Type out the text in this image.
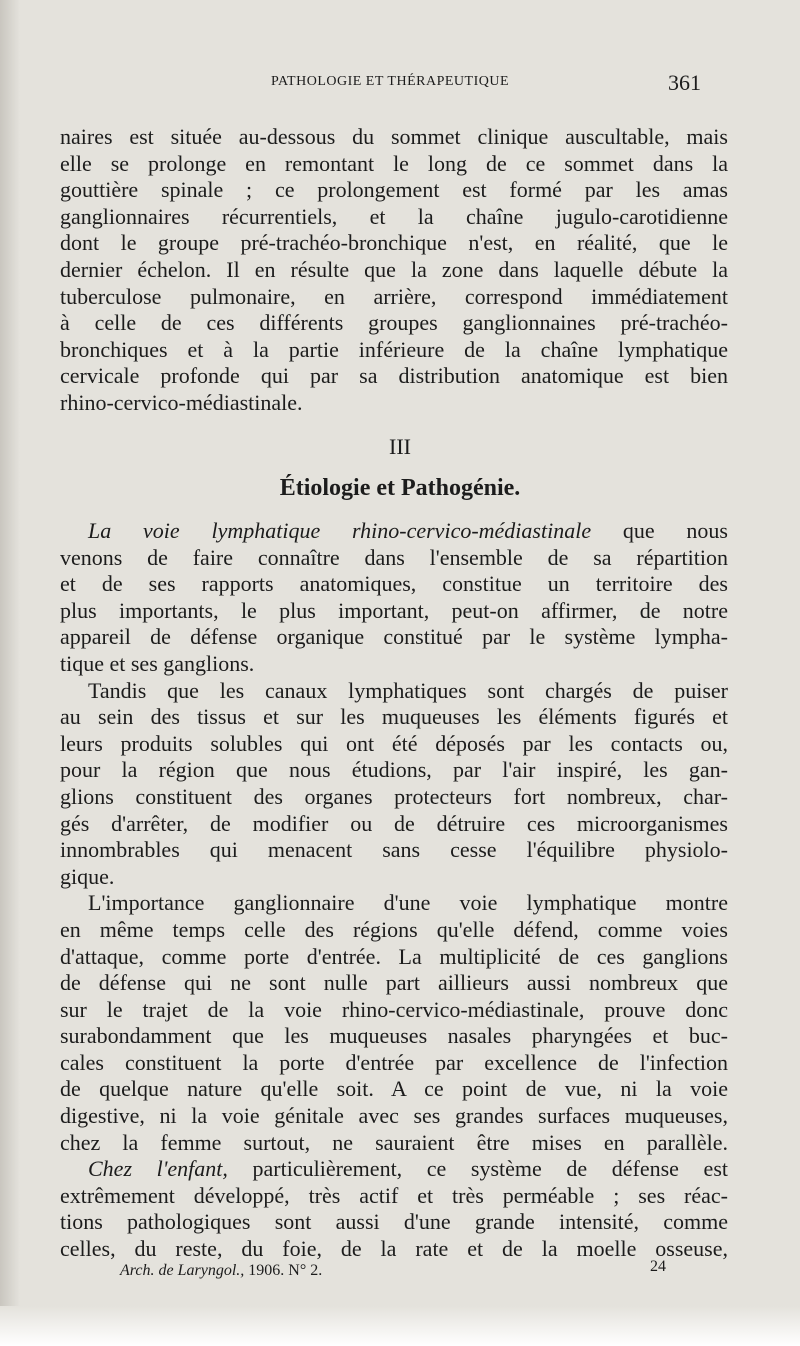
PATHOLOGIE ET THÉRAPEUTIQUE	361
naires est située au-dessous du sommet clinique auscultable, mais
elle se prolonge en remontant le long de ce sommet dans la
gouttière spinale ; ce prolongement est formé par les amas
ganglionnaires récurrentiels, et la chaîne jugulo-carotidienne
dont le groupe pré-trachéo-bronchique n'est, en réalité, que le
dernier échelon. Il en résulte que la zone dans laquelle débute la
tuberculose pulmonaire, en arrière, correspond immédiatement
à celle de ces différents groupes ganglionnaines pré-trachéo-
bronchiques et à la partie inférieure de la chaîne lymphatique
cervicale profonde qui par sa distribution anatomique est bien
rhino-cervico-médiastinale.
III
Étiologie et Pathogénie.
La voie lymphatique rhino-cervico-médiastinale que nous
venons de faire connaître dans l'ensemble de sa répartition
et de ses rapports anatomiques, constitue un territoire des
plus importants, le plus important, peut-on affirmer, de notre
appareil de défense organique constitué par le système lympha-
tique et ses ganglions.
Tandis que les canaux lymphatiques sont chargés de puiser
au sein des tissus et sur les muqueuses les éléments figurés et
leurs produits solubles qui ont été déposés par les contacts ou,
pour la région que nous étudions, par l'air inspiré, les gan-
glions constituent des organes protecteurs fort nombreux, char-
gés d'arrêter, de modifier ou de détruire ces microorganismes
innombrables qui menacent sans cesse l'équilibre physiolo-
gique.
L'importance ganglionnaire d'une voie lymphatique montre
en même temps celle des régions qu'elle défend, comme voies
d'attaque, comme porte d'entrée. La multiplicité de ces ganglions
de défense qui ne sont nulle part aillieurs aussi nombreux que
sur le trajet de la voie rhino-cervico-médiastinale, prouve donc
surabondamment que les muqueuses nasales pharyngées et buc-
cales constituent la porte d'entrée par excellence de l'infection
de quelque nature qu'elle soit. A ce point de vue, ni la voie
digestive, ni la voie génitale avec ses grandes surfaces muqueuses,
chez la femme surtout, ne sauraient être mises en parallèle.
Chez l'enfant, particulièrement, ce système de défense est
extrêmement développé, très actif et très perméable ; ses réac-
tions pathologiques sont aussi d'une grande intensité, comme
celles, du reste, du foie, de la rate et de la moelle osseuse,
Arch. de Laryngol., 1906. N° 2.	24
